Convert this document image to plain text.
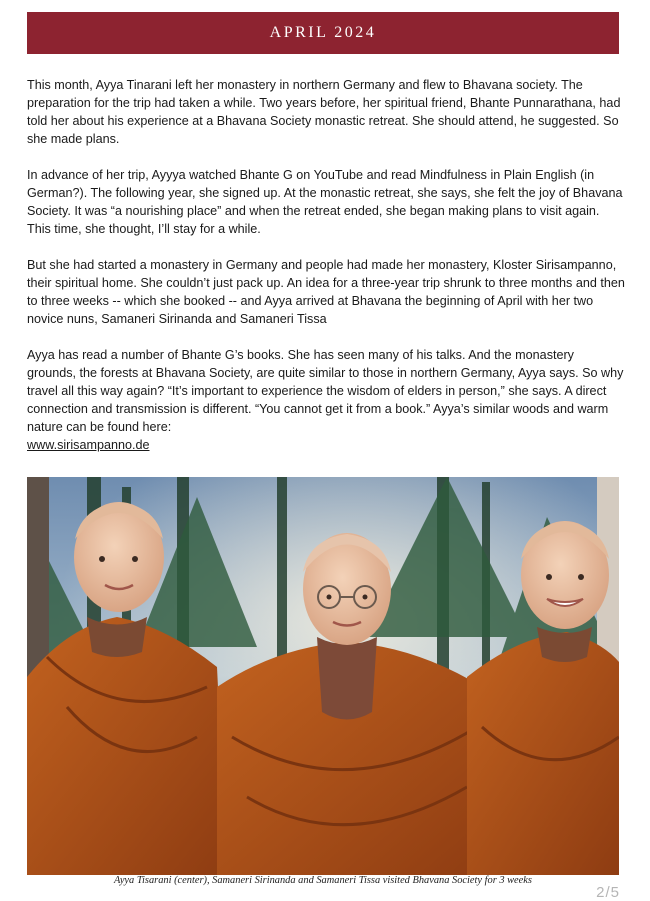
APRIL 2024

This month, Ayya Tinarani left her monastery in northern Germany and flew to Bhavana society. The preparation for the trip had taken a while. Two years before, her spiritual friend, Bhante Punnarathana, had told her about his experience at a Bhavana Society monastic retreat. She should attend, he suggested. So she made plans.

In advance of her trip, Ayyya watched Bhante G on YouTube and read Mindfulness in Plain English (in German?). The following year, she signed up. At the monastic retreat, she says, she felt the joy of Bhavana Society. It was “a nourishing place” and when the retreat ended, she began making plans to visit again. This time, she thought, I’ll stay for a while.

But she had started a monastery in Germany and people had made her monastery, Kloster Sirisampanno, their spiritual home. She couldn’t just pack up. An idea for a three-year trip shrunk to three months and then to three weeks -- which she booked -- and Ayya arrived at Bhavana the beginning of April with her two novice nuns, Samaneri Sirinanda and Samaneri Tissa

Ayya has read a number of Bhante G’s books. She has seen many of his talks. And the monastery grounds, the forests at Bhavana Society, are quite similar to those in northern Germany, Ayya says. So why travel all this way again? “It’s important to experience the wisdom of elders in person,” she says. A direct connection and transmission is different. “You cannot get it from a book.” Ayya’s similar woods and warm nature can be found here:
www.sirisampanno.de

Ayya Tisarani (center), Samaneri Sirinanda and Samaneri Tissa visited Bhavana Society for 3 weeks
2/5
